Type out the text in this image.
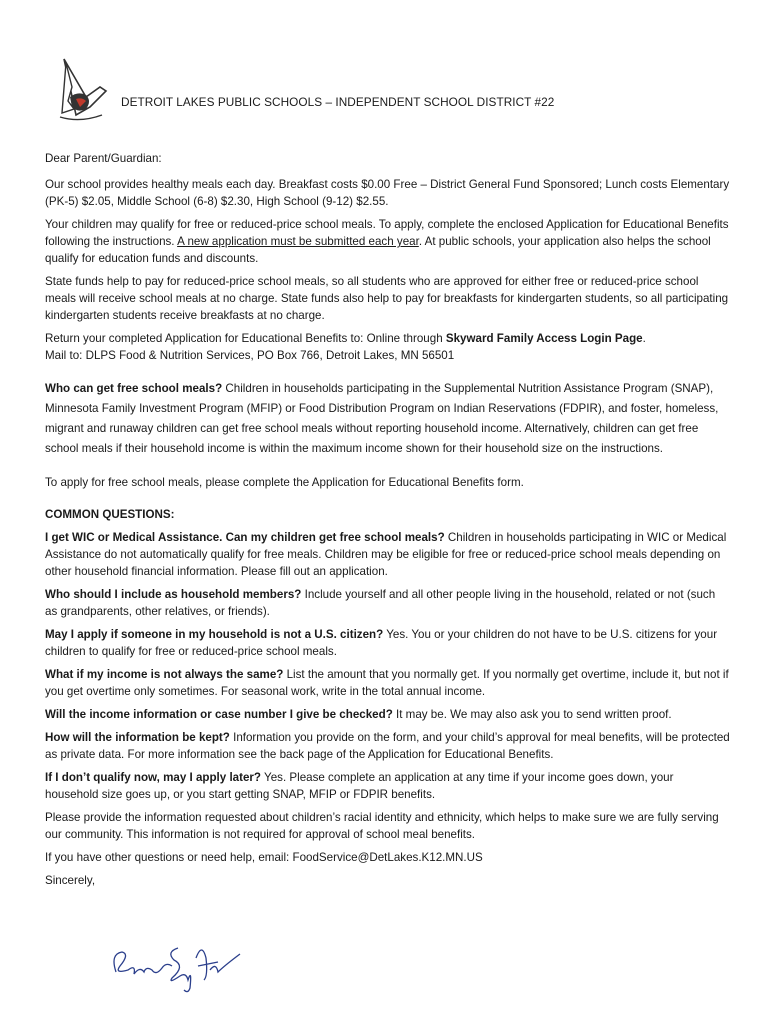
DETROIT LAKES PUBLIC SCHOOLS – INDEPENDENT SCHOOL DISTRICT #22

Dear Parent/Guardian:

Our school provides healthy meals each day. Breakfast costs $0.00 Free – District General Fund Sponsored; Lunch costs Elementary (PK-5) $2.05, Middle School (6-8) $2.30, High School (9-12) $2.55.

Your children may qualify for free or reduced-price school meals. To apply, complete the enclosed Application for Educational Benefits following the instructions. A new application must be submitted each year. At public schools, your application also helps the school qualify for education funds and discounts.

State funds help to pay for reduced-price school meals, so all students who are approved for either free or reduced-price school meals will receive school meals at no charge. State funds also help to pay for breakfasts for kindergarten students, so all participating kindergarten students receive breakfasts at no charge.

Return your completed Application for Educational Benefits to: Online through Skyward Family Access Login Page.

Mail to: DLPS Food & Nutrition Services, PO Box 766, Detroit Lakes, MN 56501

Who can get free school meals? Children in households participating in the Supplemental Nutrition Assistance Program (SNAP), Minnesota Family Investment Program (MFIP) or Food Distribution Program on Indian Reservations (FDPIR), and foster, homeless, migrant and runaway children can get free school meals without reporting household income. Alternatively, children can get free school meals if their household income is within the maximum income shown for their household size on the instructions.

To apply for free school meals, please complete the Application for Educational Benefits form.

COMMON QUESTIONS:

I get WIC or Medical Assistance. Can my children get free school meals? Children in households participating in WIC or Medical Assistance do not automatically qualify for free meals. Children may be eligible for free or reduced-price school meals depending on other household financial information. Please fill out an application.

Who should I include as household members? Include yourself and all other people living in the household, related or not (such as grandparents, other relatives, or friends).

May I apply if someone in my household is not a U.S. citizen? Yes. You or your children do not have to be U.S. citizens for your children to qualify for free or reduced-price school meals.

What if my income is not always the same? List the amount that you normally get. If you normally get overtime, include it, but not if you get overtime only sometimes. For seasonal work, write in the total annual income.

Will the income information or case number I give be checked? It may be. We may also ask you to send written proof.

How will the information be kept? Information you provide on the form, and your child’s approval for meal benefits, will be protected as private data. For more information see the back page of the Application for Educational Benefits.

If I don’t qualify now, may I apply later? Yes. Please complete an application at any time if your income goes down, your household size goes up, or you start getting SNAP, MFIP or FDPIR benefits.

Please provide the information requested about children’s racial identity and ethnicity, which helps to make sure we are fully serving our community. This information is not required for approval of school meal benefits.

If you have other questions or need help, email: FoodService@DetLakes.K12.MN.US

Sincerely,
